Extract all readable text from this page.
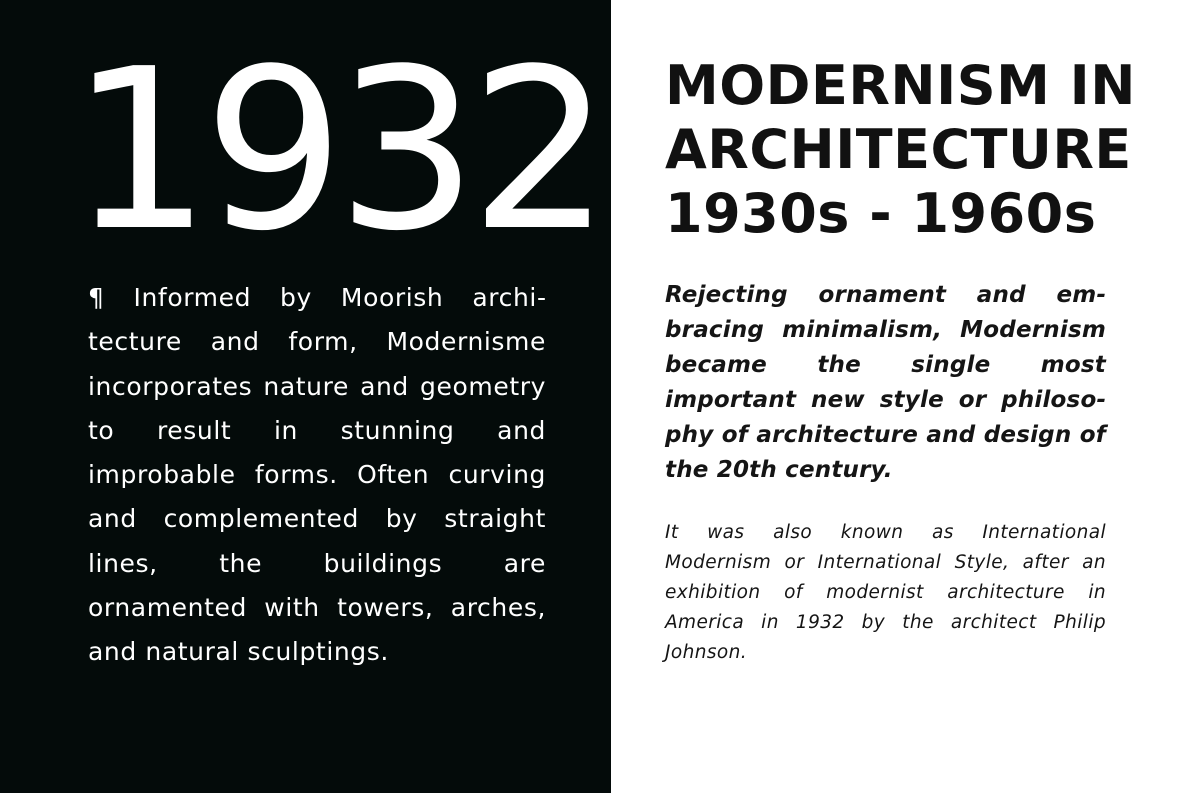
1932

¶ Informed by Moorish architecture and form, Modernisme incorporates nature and geometry to result in stunning and improbable forms. Often curving and complemented by straight lines, the buildings are ornamented with towers, arches, and natural sculptings.

MODERNISM IN
ARCHITECTURE
1930s - 1960s

Rejecting ornament and embracing minimalism, Modernism became the single most important new style or philosophy of architecture and design of the 20th century.

It was also known as International Modernism or International Style, after an exhibition of modernist architecture in America in 1932 by the architect Philip Johnson.
